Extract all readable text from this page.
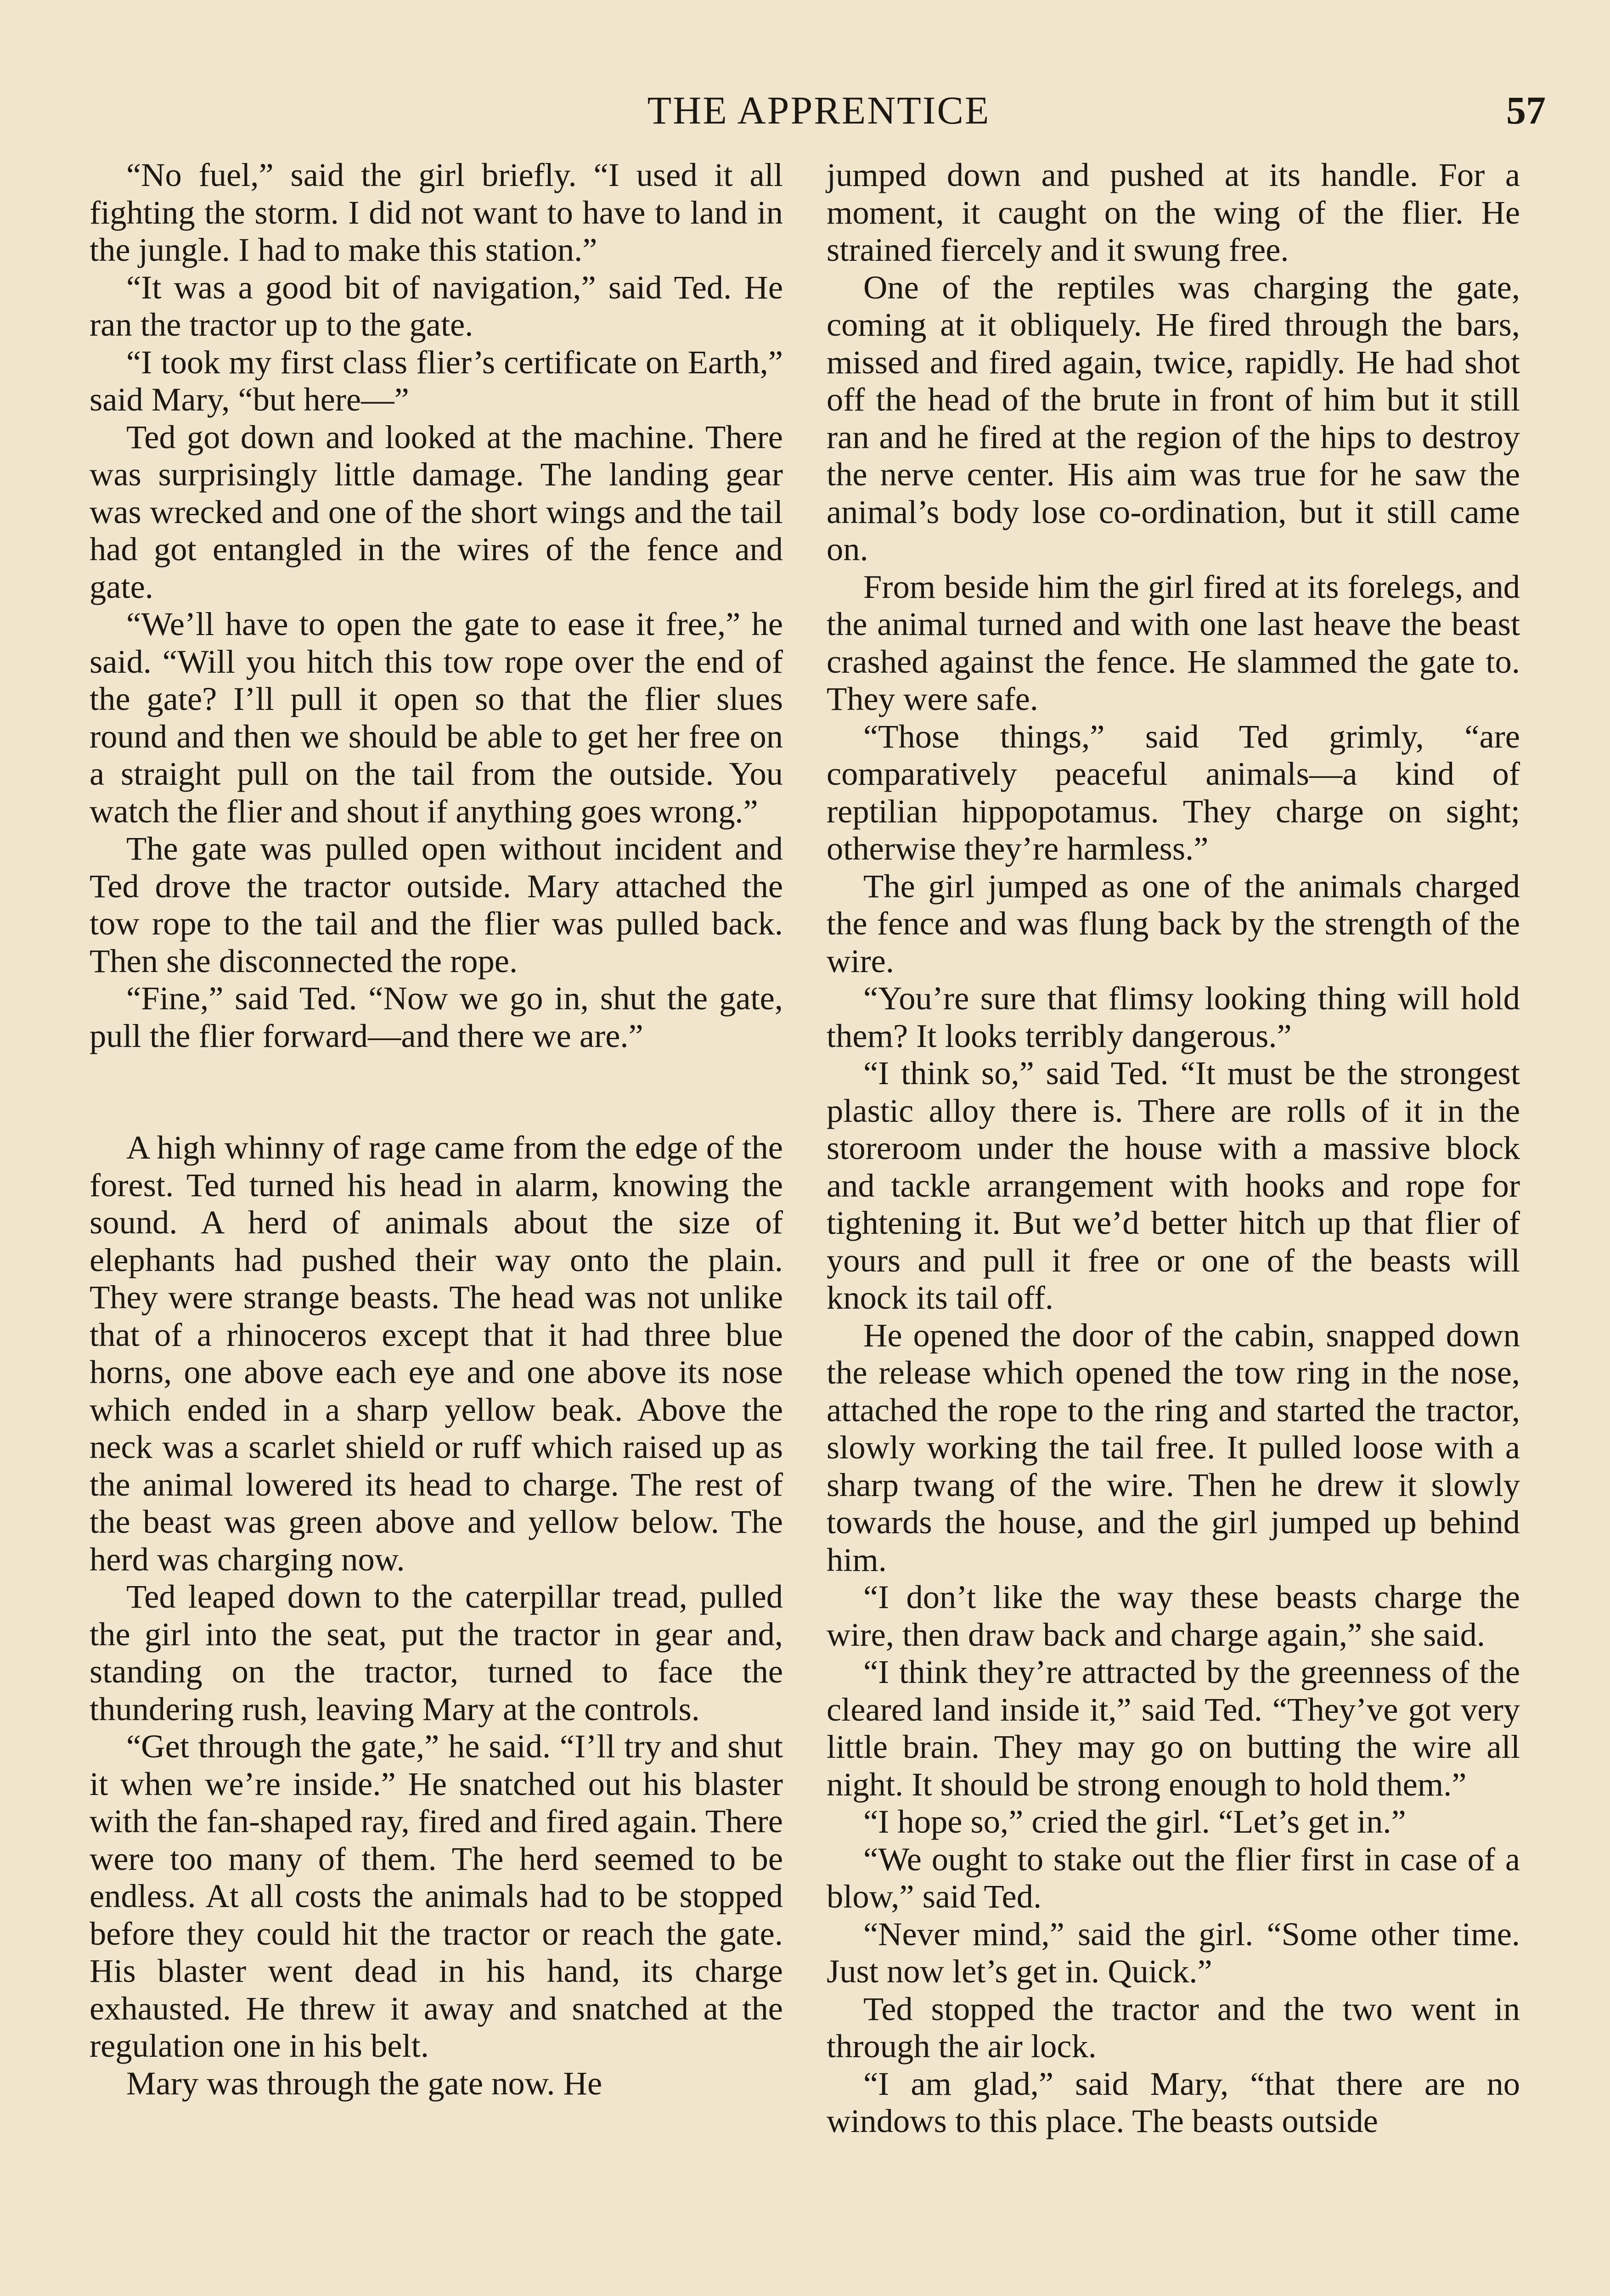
THE APPRENTICE	57

“No fuel,” said the girl briefly. “I used it all fighting the storm. I did not want to have to land in the jungle. I had to make this station.”

“It was a good bit of navigation,” said Ted. He ran the tractor up to the gate.

“I took my first class flier’s certificate on Earth,” said Mary, “but here—”

Ted got down and looked at the machine. There was surprisingly little damage. The landing gear was wrecked and one of the short wings and the tail had got entangled in the wires of the fence and gate.

“We’ll have to open the gate to ease it free,” he said. “Will you hitch this tow rope over the end of the gate? I’ll pull it open so that the flier slues round and then we should be able to get her free on a straight pull on the tail from the outside. You watch the flier and shout if anything goes wrong.”

The gate was pulled open without incident and Ted drove the tractor outside. Mary attached the tow rope to the tail and the flier was pulled back. Then she disconnected the rope.

“Fine,” said Ted. “Now we go in, shut the gate, pull the flier forward—and there we are.”

A high whinny of rage came from the edge of the forest. Ted turned his head in alarm, knowing the sound. A herd of animals about the size of elephants had pushed their way onto the plain. They were strange beasts. The head was not unlike that of a rhinoceros except that it had three blue horns, one above each eye and one above its nose which ended in a sharp yellow beak. Above the neck was a scarlet shield or ruff which raised up as the animal lowered its head to charge. The rest of the beast was green above and yellow below. The herd was charging now.

Ted leaped down to the caterpillar tread, pulled the girl into the seat, put the tractor in gear and, standing on the tractor, turned to face the thundering rush, leaving Mary at the controls.

“Get through the gate,” he said. “I’ll try and shut it when we’re inside.” He snatched out his blaster with the fan-shaped ray, fired and fired again. There were too many of them. The herd seemed to be endless. At all costs the animals had to be stopped before they could hit the tractor or reach the gate. His blaster went dead in his hand, its charge exhausted. He threw it away and snatched at the regulation one in his belt.

Mary was through the gate now. He

jumped down and pushed at its handle. For a moment, it caught on the wing of the flier. He strained fiercely and it swung free.

One of the reptiles was charging the gate, coming at it obliquely. He fired through the bars, missed and fired again, twice, rapidly. He had shot off the head of the brute in front of him but it still ran and he fired at the region of the hips to destroy the nerve center. His aim was true for he saw the animal’s body lose co-ordination, but it still came on.

From beside him the girl fired at its forelegs, and the animal turned and with one last heave the beast crashed against the fence. He slammed the gate to. They were safe.

“Those things,” said Ted grimly, “are comparatively peaceful animals—a kind of reptilian hippopotamus. They charge on sight; otherwise they’re harmless.”

The girl jumped as one of the animals charged the fence and was flung back by the strength of the wire.

“You’re sure that flimsy looking thing will hold them? It looks terribly dangerous.”

“I think so,” said Ted. “It must be the strongest plastic alloy there is. There are rolls of it in the storeroom under the house with a massive block and tackle arrangement with hooks and rope for tightening it. But we’d better hitch up that flier of yours and pull it free or one of the beasts will knock its tail off.

He opened the door of the cabin, snapped down the release which opened the tow ring in the nose, attached the rope to the ring and started the tractor, slowly working the tail free. It pulled loose with a sharp twang of the wire. Then he drew it slowly towards the house, and the girl jumped up behind him.

“I don’t like the way these beasts charge the wire, then draw back and charge again,” she said.

“I think they’re attracted by the greenness of the cleared land inside it,” said Ted. “They’ve got very little brain. They may go on butting the wire all night. It should be strong enough to hold them.”

“I hope so,” cried the girl. “Let’s get in.”

“We ought to stake out the flier first in case of a blow,” said Ted.

“Never mind,” said the girl. “Some other time. Just now let’s get in. Quick.”

Ted stopped the tractor and the two went in through the air lock.

“I am glad,” said Mary, “that there are no windows to this place. The beasts outside
